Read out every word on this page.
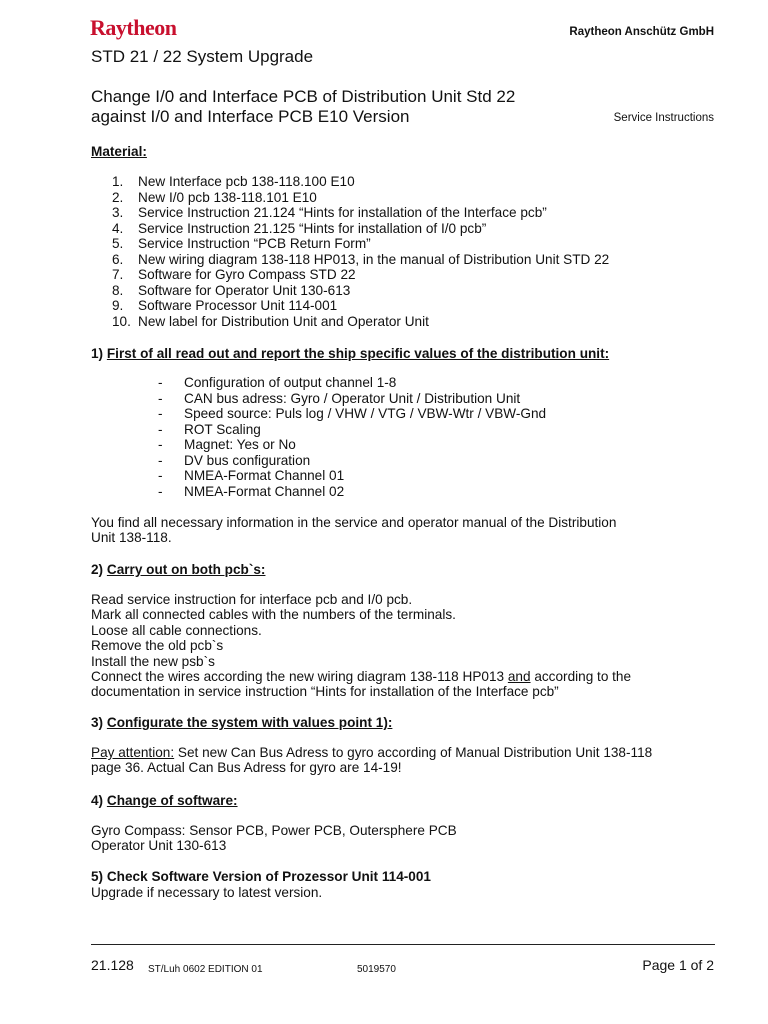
Raytheon	Raytheon Anschütz GmbH
STD 21 / 22 System Upgrade
Change I/0 and Interface PCB of Distribution Unit Std 22
against I/0 and Interface PCB E10 Version	Service Instructions
Material:
1. New Interface pcb 138-118.100 E10
2. New I/0 pcb 138-118.101 E10
3. Service Instruction 21.124 “Hints for installation of the Interface pcb”
4. Service Instruction 21.125 “Hints for installation of I/0 pcb”
5. Service Instruction “PCB Return Form”
6. New wiring diagram 138-118 HP013, in the manual of Distribution Unit STD 22
7. Software for Gyro Compass STD 22
8. Software for Operator Unit 130-613
9. Software Processor Unit 114-001
10. New label for Distribution Unit and Operator Unit
1) First of all read out and report the ship specific values of the distribution unit:
- Configuration of output channel 1-8
- CAN bus adress: Gyro / Operator Unit / Distribution Unit
- Speed source: Puls log / VHW / VTG / VBW-Wtr / VBW-Gnd
- ROT Scaling
- Magnet: Yes or No
- DV bus configuration
- NMEA-Format Channel 01
- NMEA-Format Channel 02
You find all necessary information in the service and operator manual of the Distribution
Unit 138-118.
2) Carry out on both pcb`s:
Read service instruction for interface pcb and I/0 pcb.
Mark all connected cables with the numbers of the terminals.
Loose all cable connections.
Remove the old pcb`s
Install the new psb`s
Connect the wires according the new wiring diagram 138-118 HP013 and according to the
documentation in service instruction “Hints for installation of the Interface pcb”
3) Configurate the system with values point 1):
Pay attention: Set new Can Bus Adress to gyro according of Manual Distribution Unit 138-118
page 36. Actual Can Bus Adress for gyro are 14-19!
4) Change of software:
Gyro Compass: Sensor PCB, Power PCB, Outersphere PCB
Operator Unit 130-613
5) Check Software Version of Prozessor Unit 114-001
Upgrade if necessary to latest version.
21.128 ST/Luh 0602 EDITION 01	5019570	Page 1 of 2
